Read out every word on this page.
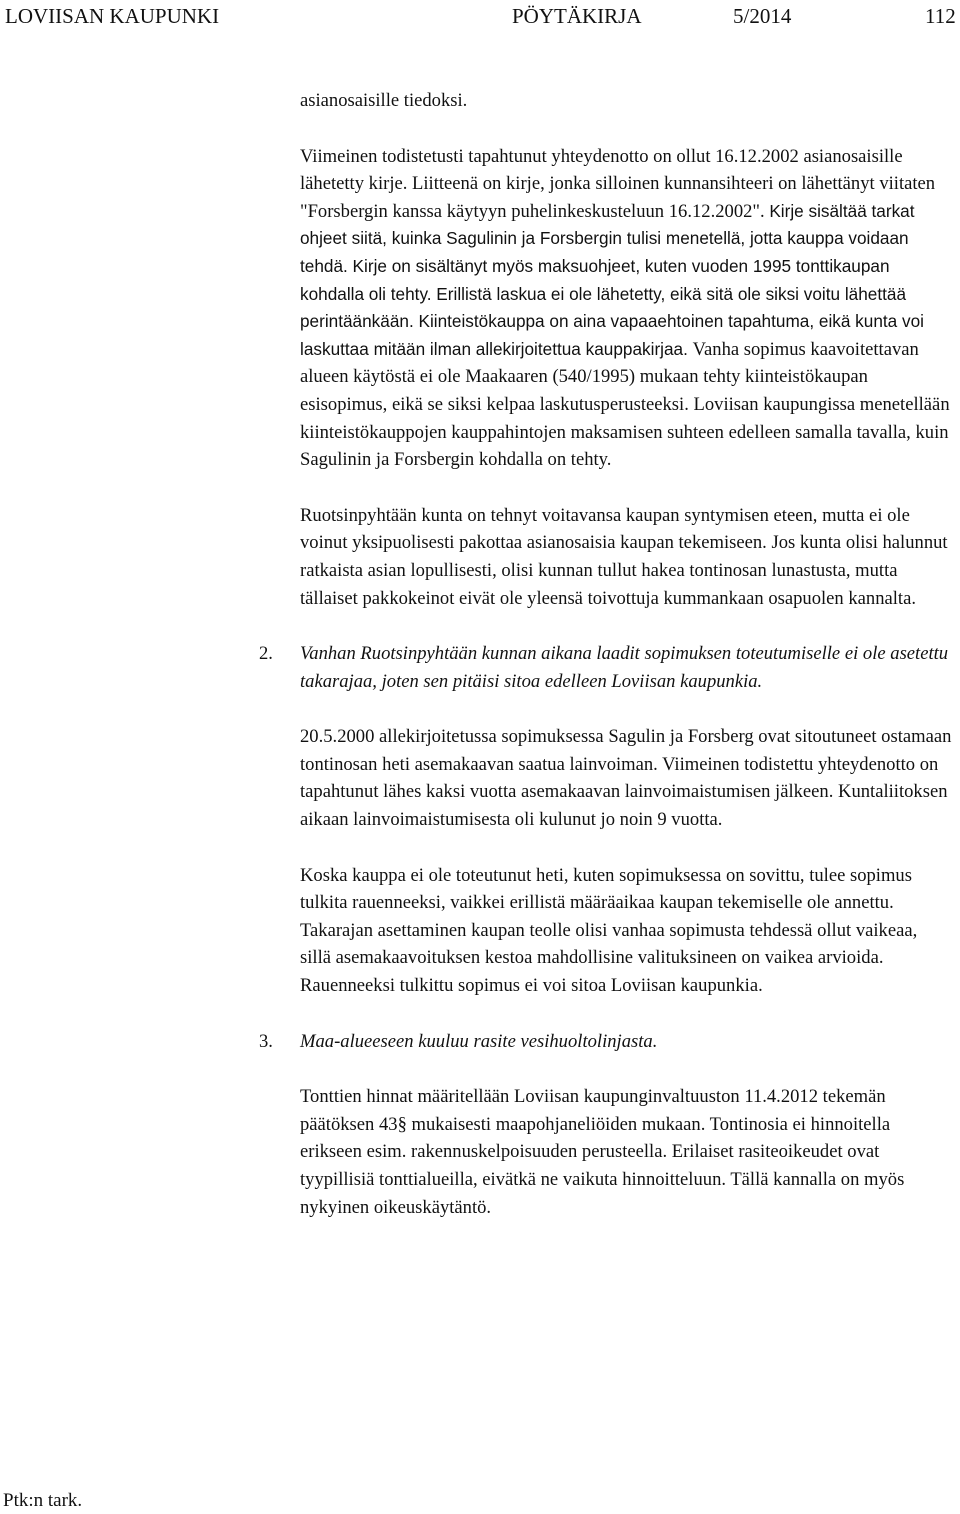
LOVIISAN KAUPUNKI	PÖYTÄKIRJA	5/2014	112

asianosaisille tiedoksi.

Viimeinen todistetusti tapahtunut yhteydenotto on ollut 16.12.2002 asianosaisille lähetetty kirje. Liitteenä on kirje, jonka silloinen kunnansihteeri on lähettänyt viitaten "Forsbergin kanssa käytyyn puhelinkeskusteluun 16.12.2002". Kirje sisältää tarkat ohjeet siitä, kuinka Sagulinin ja Forsbergin tulisi menetellä, jotta kauppa voidaan tehdä. Kirje on sisältänyt myös maksuohjeet, kuten vuoden 1995 tonttikaupan kohdalla oli tehty. Erillistä laskua ei ole lähetetty, eikä sitä ole siksi voitu lähettää perintäänkään. Kiinteistökauppa on aina vapaaehtoinen tapahtuma, eikä kunta voi laskuttaa mitään ilman allekirjoitettua kauppakirjaa. Vanha sopimus kaavoitettavan alueen käytöstä ei ole Maakaaren (540/1995) mukaan tehty kiinteistökaupan esisopimus, eikä se siksi kelpaa laskutusperusteeksi. Loviisan kaupungissa menetellään kiinteistökauppojen kauppahintojen maksamisen suhteen edelleen samalla tavalla, kuin Sagulinin ja Forsbergin kohdalla on tehty.

Ruotsinpyhtään kunta on tehnyt voitavansa kaupan syntymisen eteen, mutta ei ole voinut yksipuolisesti pakottaa asianosaisia kaupan tekemiseen. Jos kunta olisi halunnut ratkaista asian lopullisesti, olisi kunnan tullut hakea tontinosan lunastusta, mutta tällaiset pakkokeinot eivät ole yleensä toivottuja kummankaan osapuolen kannalta.

2. Vanhan Ruotsinpyhtään kunnan aikana laadit sopimuksen toteutumiselle ei ole asetettu takarajaa, joten sen pitäisi sitoa edelleen Loviisan kaupunkia.

20.5.2000 allekirjoitetussa sopimuksessa Sagulin ja Forsberg ovat sitoutuneet ostamaan tontinosan heti asemakaavan saatua lainvoiman. Viimeinen todistettu yhteydenotto on tapahtunut lähes kaksi vuotta asemakaavan lainvoimaistumisen jälkeen. Kuntaliitoksen aikaan lainvoimaistumisesta oli kulunut jo noin 9 vuotta.

Koska kauppa ei ole toteutunut heti, kuten sopimuksessa on sovittu, tulee sopimus tulkita rauenneeksi, vaikkei erillistä määräaikaa kaupan tekemiselle ole annettu. Takarajan asettaminen kaupan teolle olisi vanhaa sopimusta tehdessä ollut vaikeaa, sillä asemakaavoituksen kestoa mahdollisine valituksineen on vaikea arvioida. Rauenneeksi tulkittu sopimus ei voi sitoa Loviisan kaupunkia.

3. Maa-alueeseen kuuluu rasite vesihuoltolinjasta.

Tonttien hinnat määritellään Loviisan kaupunginvaltuuston 11.4.2012 tekemän päätöksen 43§ mukaisesti maapohjaneliöiden mukaan. Tontinosia ei hinnoitella erikseen esim. rakennuskelpoisuuden perusteella. Erilaiset rasiteoikeudet ovat tyypillisiä tonttialueilla, eivätkä ne vaikuta hinnoitteluun. Tällä kannalla on myös nykyinen oikeuskäytäntö.

Ptk:n tark.
